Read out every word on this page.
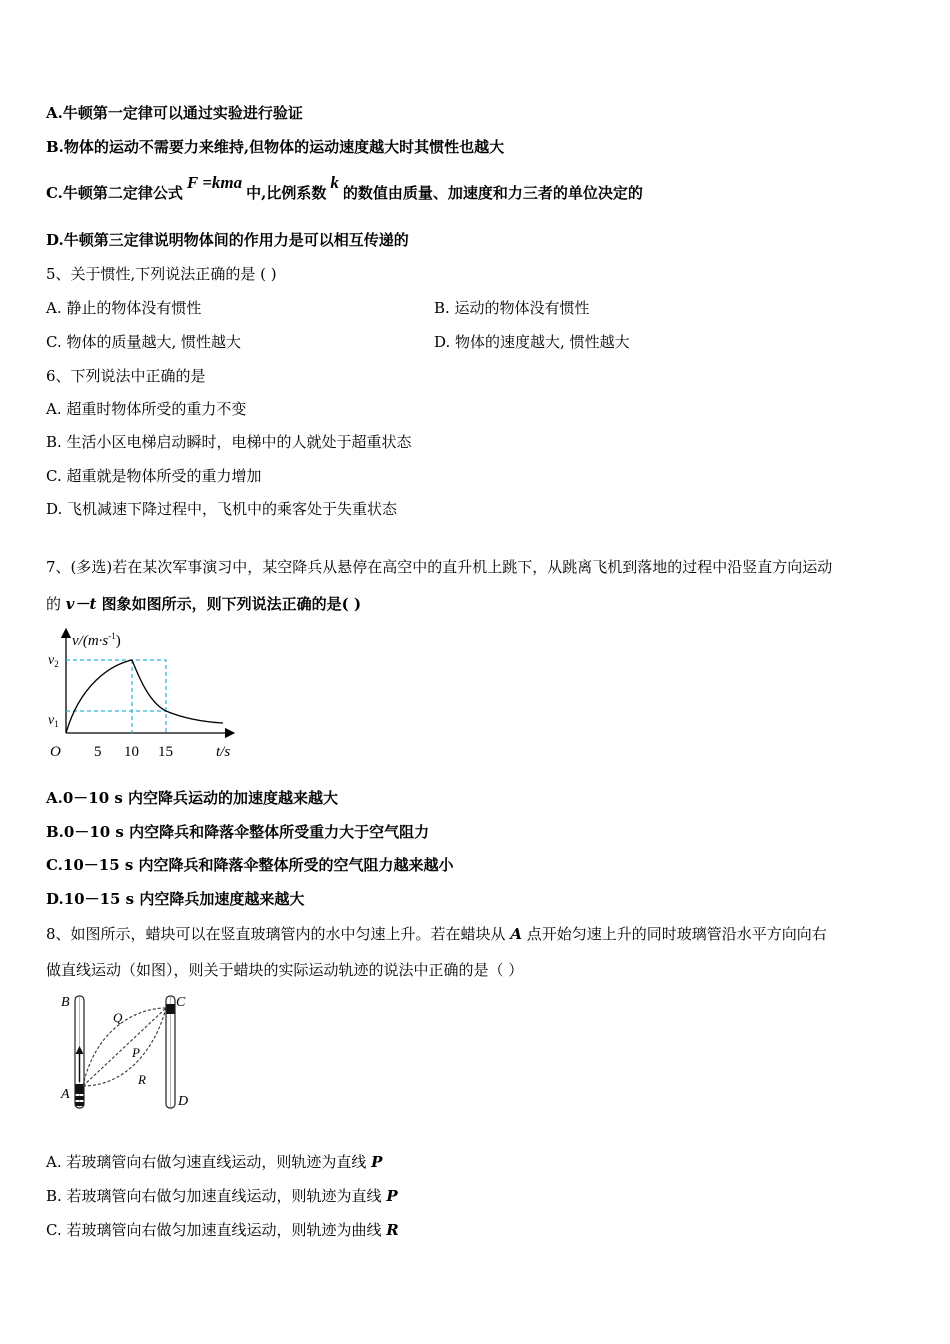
A.牛顿第一定律可以通过实验进行验证
B.物体的运动不需要力来维持,但物体的运动速度越大时其惯性也越大
C.牛顿第二定律公式F =kma中,比例系数k的数值由质量、加速度和力三者的单位决定的
D.牛顿第三定律说明物体间的作用力是可以相互传递的
5、关于惯性,下列说法正确的是 ( )
A. 静止的物体没有惯性	B. 运动的物体没有惯性
C. 物体的质量越大, 惯性越大	D. 物体的速度越大, 惯性越大
6、下列说法中正确的是
A. 超重时物体所受的重力不变
B. 生活小区电梯启动瞬时，电梯中的人就处于超重状态
C. 超重就是物体所受的重力增加
D. 飞机减速下降过程中，飞机中的乘客处于失重状态
7、(多选)若在某次军事演习中，某空降兵从悬停在高空中的直升机上跳下，从跳离飞机到落地的过程中沿竖直方向运动
的 v－t 图象如图所示，则下列说法正确的是( )
$v/(m\cdot s^{-1})$
$v_2$
$v_1$
O 5 10 15	t/s
A.0－10 s 内空降兵运动的加速度越来越大
B.0－10 s 内空降兵和降落伞整体所受重力大于空气阻力
C.10－15 s 内空降兵和降落伞整体所受的空气阻力越来越小
D.10－15 s 内空降兵加速度越来越大
8、如图所示，蜡块可以在竖直玻璃管内的水中匀速上升。若在蜡块从 A 点开始匀速上升的同时玻璃管沿水平方向向右
做直线运动（如图），则关于蜡块的实际运动轨迹的说法中正确的是（ ）
B	C
Q
P
R
A	D
A. 若玻璃管向右做匀速直线运动，则轨迹为直线 P
B. 若玻璃管向右做匀加速直线运动，则轨迹为直线 P
C. 若玻璃管向右做匀加速直线运动，则轨迹为曲线 R
